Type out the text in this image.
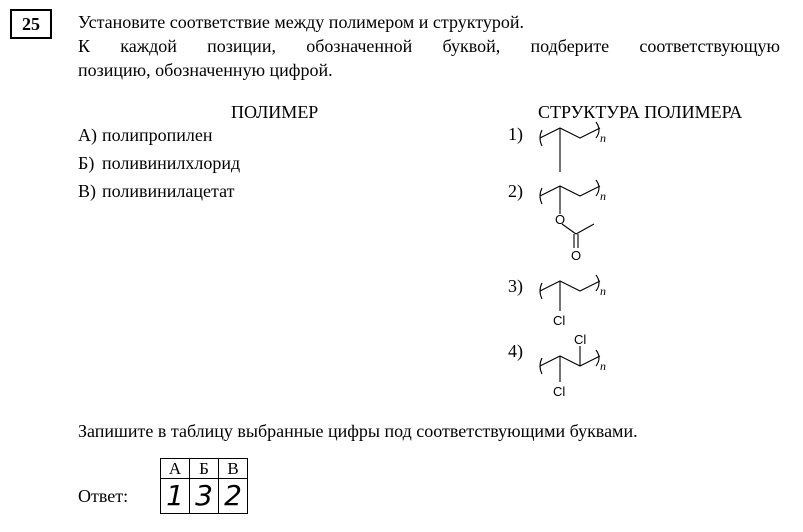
25	Установите соответствие между полимером и структурой.
К каждой позиции, обозначенной буквой, подберите соответствующую
позицию, обозначенную цифрой.
ПОЛИМЕР	СТРУКТУРА ПОЛИМЕРА
А) полипропилен
Б) поливинилхлорид
В) поливинилацетат
1)	n
2)	n
O
O
3)	n
Cl
4)
n
Cl
Cl
Запишите в таблицу выбранные цифры под соответствующими буквами.
Ответ:
А	Б	В
1	3	2
